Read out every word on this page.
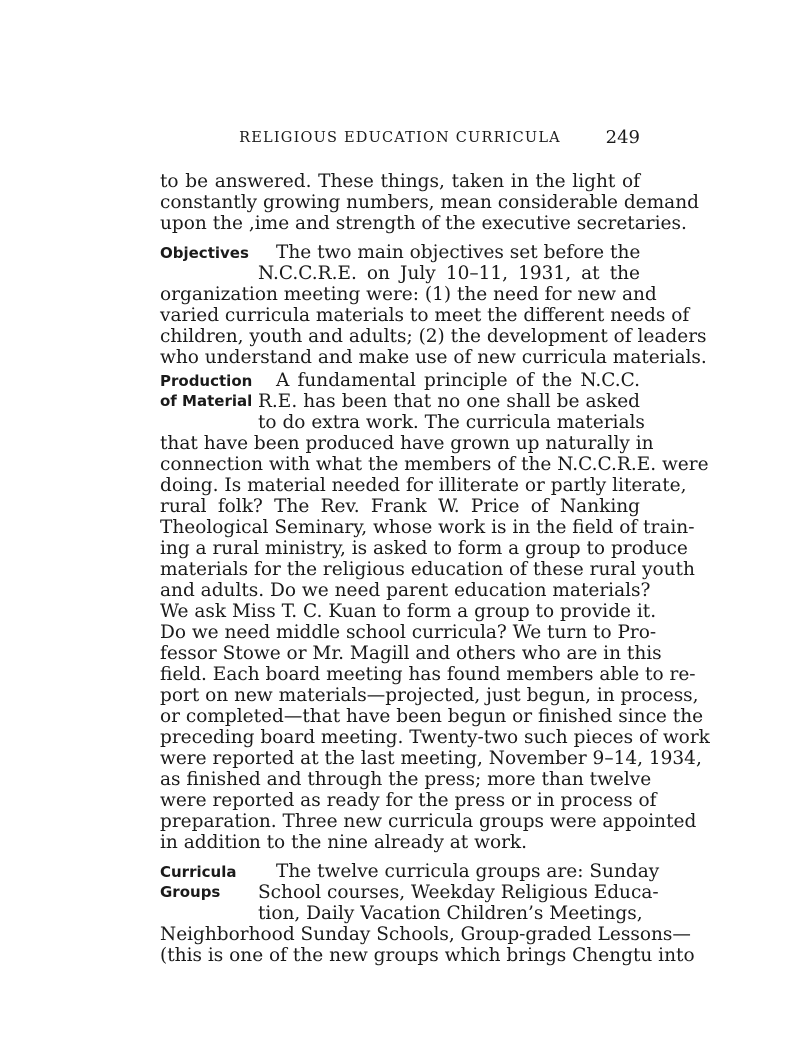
RELIGIOUS EDUCATION CURRICULA	249
to be answered. These things, taken in the light of
constantly growing numbers, mean considerable demand
upon the ,ime and strength of the executive secretaries.
Objectives The two main objectives set before the
N.C.C.R.E. on July 10–11, 1931, at the
organization meeting were: (1) the need for new and
varied curricula materials to meet the different needs of
children, youth and adults; (2) the development of leaders
who understand and make use of new curricula materials.
Production
of Material
A fundamental principle of the N.C.C.
R.E. has been that no one shall be asked
to do extra work. The curricula materials
that have been produced have grown up naturally in
connection with what the members of the N.C.C.R.E. were
doing. Is material needed for illiterate or partly literate,
rural folk? The Rev. Frank W. Price of Nanking
Theological Seminary, whose work is in the field of train-
ing a rural ministry, is asked to form a group to produce
materials for the religious education of these rural youth
and adults. Do we need parent education materials?
We ask Miss T. C. Kuan to form a group to provide it.
Do we need middle school curricula? We turn to Pro-
fessor Stowe or Mr. Magill and others who are in this
field. Each board meeting has found members able to re-
port on new materials—projected, just begun, in process,
or completed—that have been begun or finished since the
preceding board meeting. Twenty-two such pieces of work
were reported at the last meeting, November 9–14, 1934,
as finished and through the press; more than twelve
were reported as ready for the press or in process of
preparation. Three new curricula groups were appointed
in addition to the nine already at work.
Curricula
Groups
The twelve curricula groups are: Sunday
School courses, Weekday Religious Educa-
tion, Daily Vacation Children’s Meetings,
Neighborhood Sunday Schools, Group-graded Lessons—
(this is one of the new groups which brings Chengtu into
